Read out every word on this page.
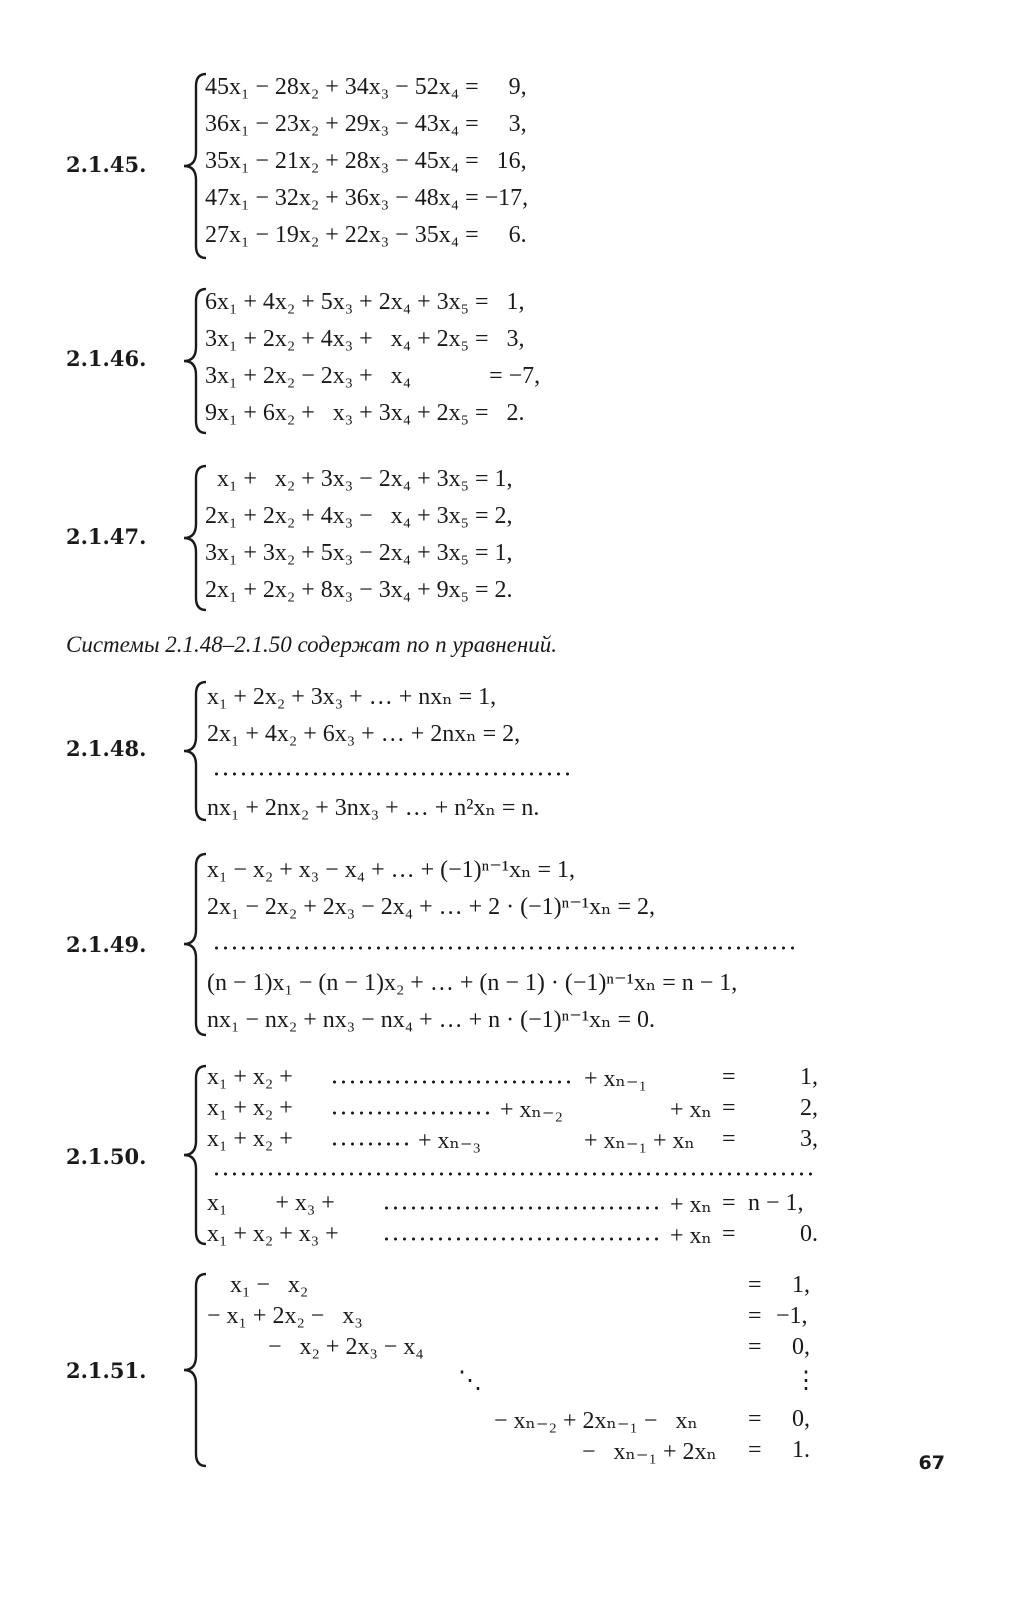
2.1.45.
45x₁ − 28x₂ + 34x₃ − 52x₄ =     9,
36x₁ − 23x₂ + 29x₃ − 43x₄ =     3,
35x₁ − 21x₂ + 28x₃ − 45x₄ =   16,
47x₁ − 32x₂ + 36x₃ − 48x₄ = −17,
27x₁ − 19x₂ + 22x₃ − 35x₄ =     6.
2.1.46.
6x₁ + 4x₂ + 5x₃ + 2x₄ + 3x₅ =   1,
3x₁ + 2x₂ + 4x₃ +   x₄ + 2x₅ =   3,
3x₁ + 2x₂ − 2x₃ +   x₄             = −7,
9x₁ + 6x₂ +   x₃ + 3x₄ + 2x₅ =   2.
2.1.47.
x₁ +   x₂ + 3x₃ − 2x₄ + 3x₅ = 1,
2x₁ + 2x₂ + 4x₃ −   x₄ + 3x₅ = 2,
3x₁ + 3x₂ + 5x₃ − 2x₄ + 3x₅ = 1,
2x₁ + 2x₂ + 8x₃ − 3x₄ + 9x₅ = 2.
Системы 2.1.48–2.1.50 содержат по n уравнений.
2.1.48.
x₁ + 2x₂ + 3x₃ + … + nxₙ = 1,
2x₁ + 4x₂ + 6x₃ + … + 2nxₙ = 2,
nx₁ + 2nx₂ + 3nx₃ + … + n²xₙ = n.
2.1.49.
x₁ − x₂ + x₃ − x₄ + … + (−1)ⁿ⁻¹xₙ = 1,
2x₁ − 2x₂ + 2x₃ − 2x₄ + … + 2 · (−1)ⁿ⁻¹xₙ = 2,
(n − 1)x₁ − (n − 1)x₂ + … + (n − 1) · (−1)ⁿ⁻¹xₙ = n − 1,
nx₁ − nx₂ + nx₃ − nx₄ + … + n · (−1)ⁿ⁻¹xₙ = 0.
2.1.50.
x₁ + x₂ +	+ xₙ₋₁	=	1,
x₁ + x₂ +	+ xₙ₋₂	+ xₙ =	2,
x₁ + x₂ +	+ xₙ₋₃	+ xₙ₋₁ + xₙ =	3,
x₁        + x₃ +	+ xₙ = n − 1,
x₁ + x₂ + x₃ +	+ xₙ =	0.
2.1.51.
x₁ −   x₂	= 1,
− x₁ + 2x₂ −   x₃	= −1,
−   x₂ + 2x₃ − x₄	= 0,
⋱	⋮
− xₙ₋₂ + 2xₙ₋₁ −   xₙ = 0,
−   xₙ₋₁ + 2xₙ = 1.	67
